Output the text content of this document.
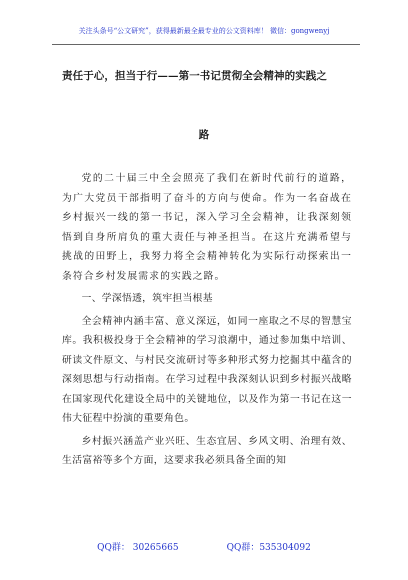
关注头条号“公文研究”，获得最新最全最专业的公文资料库！ 微信：gongwenyj
责任于心，担当于行——第一书记贯彻全会精神的实践之
路

党的二十届三中全会照亮了我们在新时代前行的道路，为广大党员干部指明了奋斗的方向与使命。作为一名奋战在乡村振兴一线的第一书记，深入学习全会精神，让我深刻领悟到自身所肩负的重大责任与神圣担当。在这片充满希望与挑战的田野上，我努力将全会精神转化为实际行动探索出一条符合乡村发展需求的实践之路。

一、学深悟透，筑牢担当根基

全会精神内涵丰富、意义深远，如同一座取之不尽的智慧宝库。我积极投身于全会精神的学习浪潮中，通过参加集中培训、研读文件原文、与村民交流研讨等多种形式努力挖掘其中蕴含的深刻思想与行动指南。在学习过程中我深刻认识到乡村振兴战略在国家现代化建设全局中的关键地位，以及作为第一书记在这一伟大征程中扮演的重要角色。

乡村振兴涵盖产业兴旺、生态宜居、乡风文明、治理有效、生活富裕等多个方面，这要求我必须具备全面的知

QQ群： 30265665	QQ群：535304092
